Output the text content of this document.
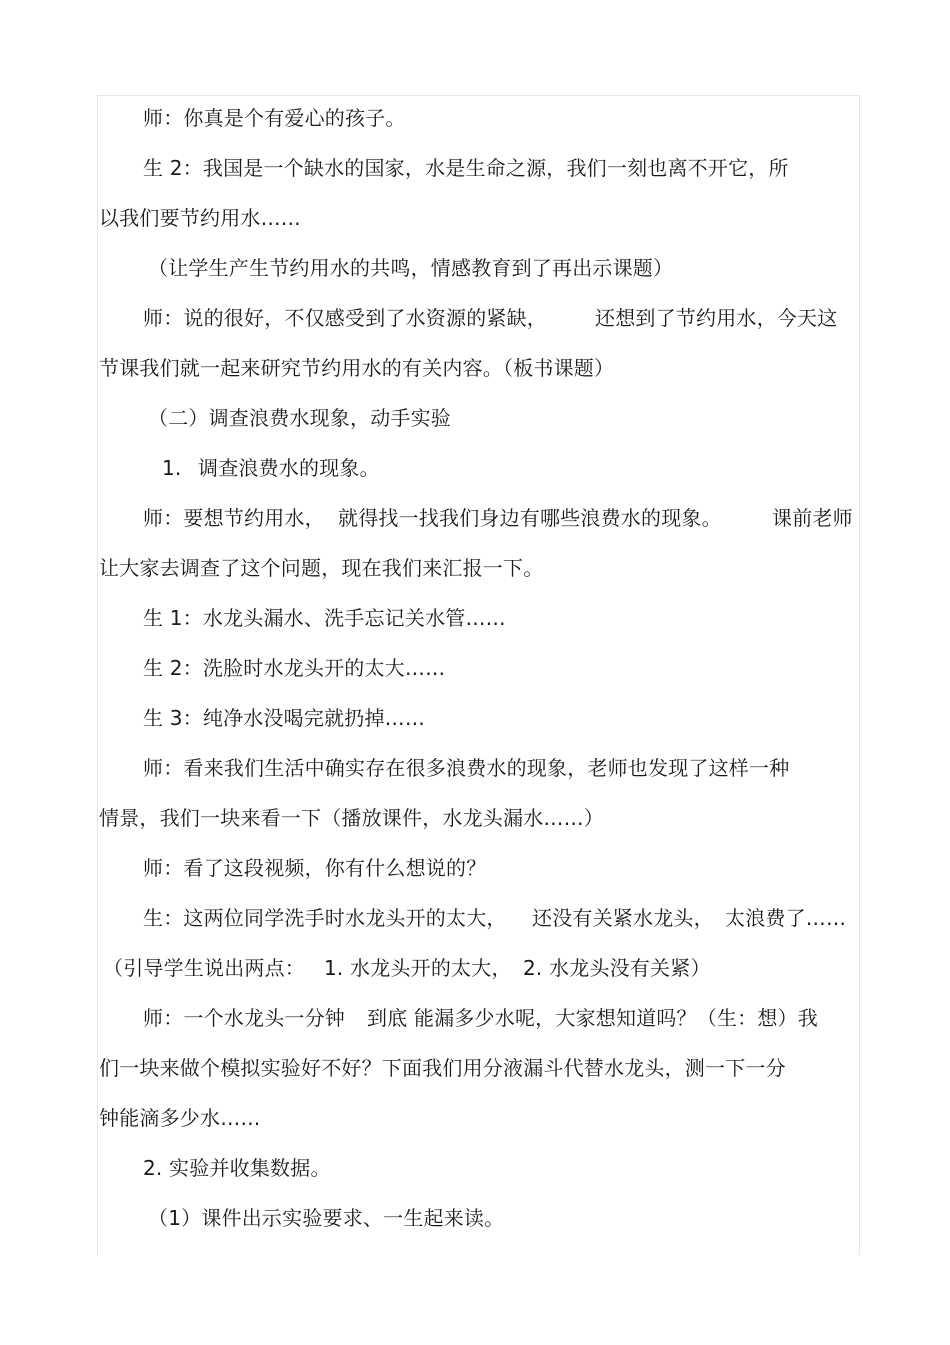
师：你真是个有爱心的孩子。
生 2：我国是一个缺水的国家，水是生命之源，我们一刻也离不开它，所
以我们要节约用水……
（让学生产生节约用水的共鸣，情感教育到了再出示课题）
师：说的很好，不仅感受到了水资源的紧缺， 还想到了节约用水，今天这
节课我们就一起来研究节约用水的有关内容。（板书课题）
（二）调查浪费水现象，动手实验
1. 调查浪费水的现象。
师：要想节约用水， 就得找一找我们身边有哪些浪费水的现象。	课前老师
让大家去调查了这个问题，现在我们来汇报一下。
生 1：水龙头漏水、洗手忘记关水管……
生 2：洗脸时水龙头开的太大……
生 3：纯净水没喝完就扔掉……
师：看来我们生活中确实存在很多浪费水的现象，老师也发现了这样一种
情景，我们一块来看一下（播放课件，水龙头漏水……）
师：看了这段视频，你有什么想说的？
生：这两位同学洗手时水龙头开的太大， 还没有关紧水龙头， 太浪费了……
（引导学生说出两点： 1. 水龙头开的太大， 2. 水龙头没有关紧）
师：一个水龙头一分钟 到底 能漏多少水呢，大家想知道吗？（生：想）我
们一块来做个模拟实验好不好？下面我们用分液漏斗代替水龙头，测一下一分
钟能滴多少水……
2. 实验并收集数据。
（1）课件出示实验要求、一生起来读。
